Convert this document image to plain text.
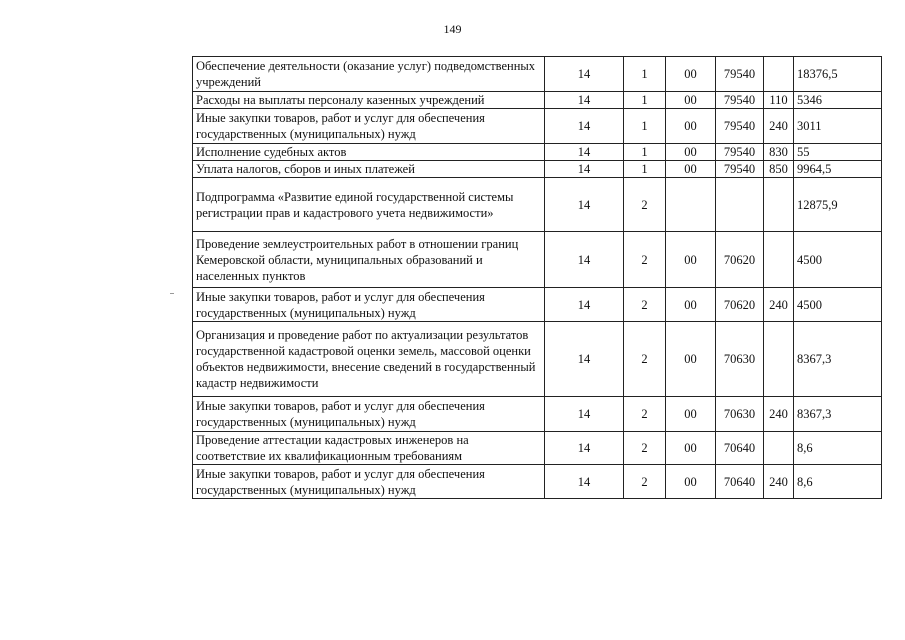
149
Обеспечение деятельности (оказание услуг) подведомственных учреждений	14	1	00	79540		18376,5
Расходы на выплаты персоналу казенных учреждений	14	1	00	79540	110	5346
Иные закупки товаров, работ и услуг для обеспечения государственных (муниципальных) нужд	14	1	00	79540	240	3011
Исполнение судебных актов	14	1	00	79540	830	55
Уплата налогов, сборов и иных платежей	14	1	00	79540	850	9964,5
Подпрограмма «Развитие единой государственной системы регистрации прав и кадастрового учета недвижимости»	14	2				12875,9
Проведение землеустроительных работ в отношении границ Кемеровской области, муниципальных образований и населенных пунктов	14	2	00	70620		4500
Иные закупки товаров, работ и услуг для обеспечения государственных (муниципальных) нужд	14	2	00	70620	240	4500
Организация и проведение работ по актуализации результатов государственной кадастровой оценки земель, массовой оценки объектов недвижимости, внесение сведений в государственный кадастр недвижимости	14	2	00	70630		8367,3
Иные закупки товаров, работ и услуг для обеспечения государственных (муниципальных) нужд	14	2	00	70630	240	8367,3
Проведение аттестации кадастровых инженеров на соответствие их квалификационным требованиям	14	2	00	70640		8,6
Иные закупки товаров, работ и услуг для обеспечения государственных (муниципальных) нужд	14	2	00	70640	240	8,6
